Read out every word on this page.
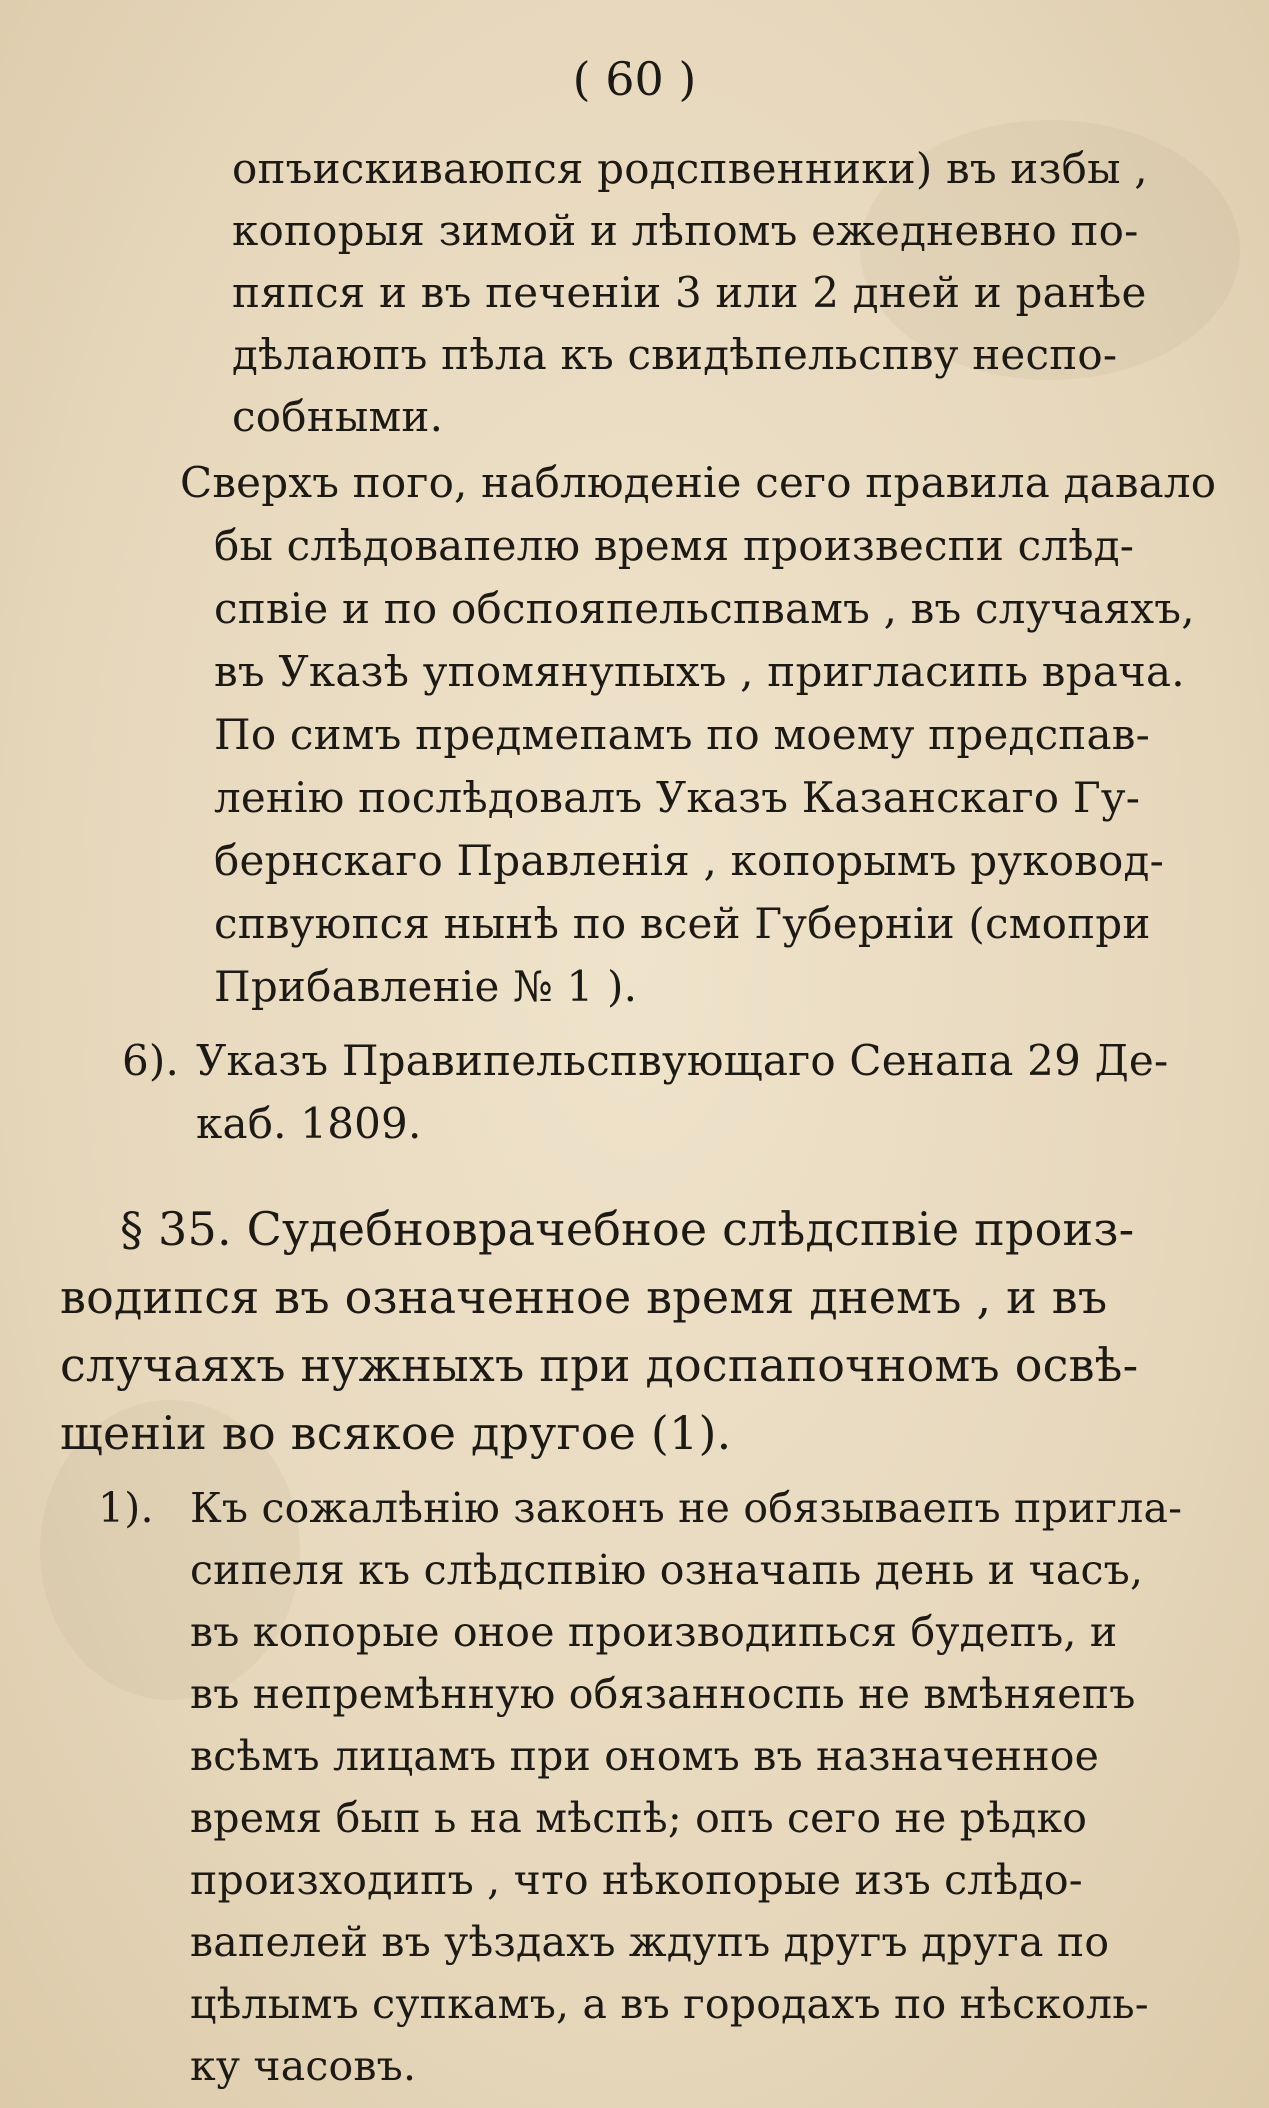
( 60 )
опъискиваюпся родспвенники) въ избы ,
копорыя зимой и лѣпомъ ежедневно по-
пяпся и въ печенiи 3 или 2 дней и ранѣе
дѣлаюпъ пѣла къ свидѣпельспву неспо-
собными.
Сверхъ пого, наблюденiе сего правила давало
бы слѣдовапелю время произвеспи слѣд-
спвiе и по обспояпельспвамъ , въ случаяхъ,
въ Указѣ упомянупыхъ , пригласипь врача.
По симъ предмепамъ по моему предспав-
ленiю послѣдовалъ Указъ Казанскаго Гу-
бернскаго Правленiя , копорымъ руковод-
спвуюпся нынѣ по всей Губернiи (смопри
Прибавленiе № 1 ).
6). Указъ Правипельспвующаго Сенапа 29 Де-
каб. 1809.
§ 35. Судебноврачебное слѣдспвiе произ-
водипся въ означенное время днемъ , и въ
случаяхъ нужныхъ при доспапочномъ освѣ-
щенiи во всякое другое (1).
1). Къ сожалѣнiю законъ не обязываепъ пригла-
сипеля къ слѣдспвiю означапь день и часъ,
въ копорые оное производипься будепъ, и
въ непремѣнную обязанноспь не вмѣняепъ
всѣмъ лицамъ при ономъ въ назначенное
время бып ь на мѣспѣ; опъ сего не рѣдко
произходипъ , что нѣкопорые изъ слѣдо-
вапелей въ уѣздахъ ждупъ другъ друга по
цѣлымъ супкамъ, а въ городахъ по нѣсколь-
ку часовъ.
